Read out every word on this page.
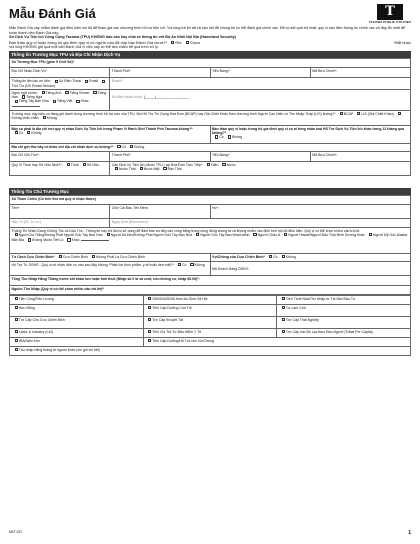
Mẫu Đánh Giá	T
TACOMA PUBLIC UTILITIES
Mẫu Đánh Giá này nhằm đánh giá điều kiện hội đủ để tham gia các chương trình hỗ trợ tiện ích. Vui lòng trả lời tất cả câu hỏi để chúng tôi có thể đánh giá chính xác. Để có kết quả tốt nhất, quý vị cần điền thông tin chính xác và đầy đủ nhất để hoàn thành bản Đánh Giá này.
Sở Dịch Vụ Tiện Ích Công Cộng Tacoma (TPU) KHÔNG bảo cáo hay chia sẻ thông tin với Bộ An Ninh Nội Địa (Homeland Security)
Bạn thân quý vị hoặc trong hộ gia đình quý vị có người nào đã nộp bản Đánh Giá chưa?* Rồi Chưa	*Bắt buộc
Vui lòng KHÔNG gửi quá một bản Đánh Giá vì việc này có thể làm chậm trễ quá trình xử lý.
Thông tin Trương Mục TPU và Địa Chỉ Nhận Dịch Vụ
Số Trương Mục TPU (gồm 9 Chữ Số)*			
Địa Chỉ Nhận Dịch Vụ*	Thành Phố*:	Tiểu Bang*:	Mã Bưu Chính*:
Thông tin liên lạc ưu tiên: Số Điện Thoại Email Thư Tín (US Postal Service)	Email*:		
Ngôn ngữ chính: Tiếng Anh Tiếng Khmer Tiếng Hàn Tiếng Nga
Tiếng Tây Ban Nha Tiếng Việt Khác	Số điện thoại chính: (_____)_________________		
Trường mục này hiện có đang ghi danh trong chương trình hỗ trợ nào của TPU, Bồi Hỗ Trợ Tín Dụng Hóa Đơn (BCAP) hay Giá Chiết Khấu theo chương trình Người Cao Niên có Thu Nhập Thấp (LIS) không?* BCAP LIS (Giá Chiết Khấu) Không chắc chắn Không			
Đây có phải là địa chỉ nơi quý vị nhận Dịch Vụ Tiện Ích trong Phạm Vi Ranh Giới Thành Phố Tacoma không?*
Có Không		Bản thân quý vị hoặc trong hộ gia đình quý vị có ai từng nhận loại Hỗ Trợ Dịch Vụ Tiện Ích khác trong 12 tháng qua không?*
Có Không	
Địa chỉ gửi thư này có khác với địa chỉ nhận dịch vụ không?* Có Không			
Địa Chỉ Gửi Thư*:	Thành Phố*:	Tiểu Bang*:	Mã Bưu Chính*:
Quý Vị Thuê hay Sở Hữu Nhà?*: Thuê Sở Hữu	Các Dịch Vụ Tiện Ích (được TPU ) áp Hóa Đơn Trực Tiếp*: Điện Nước
Nước Thải Nước Mặt Rác Thải		
Thông Tin Chủ Trương Mục
Số Tham Chiếu (Có trên thư mà quý vị nhận được)		
Tên*:	Chữ Cái Đầu Tên Đệm:	Họ*:
Hậu Tố (Sr, Jr, v.v.):	Ngày Sinh (tt/nn/nnnn)*:	
Thông Tin Nhận Dạng Chủng Tộc và Dân Tộc - Thông tin này chỉ được sử dụng để đảm bảo sự tiếp cận công bằng trong cộng đồng chúng ta và không nhằm xác định tính hội đủ điều kiện. Quý vị có thể chọn nhiều câu trả lời.
Người Da Trắng/Không Phải Người Gốc Tây Ban Nha Người Da Đen/Không Phải Người Gốc Tây Ban Nha Người Gốc Tây Ban Nha/Latinh Người Châu Á Người Hawaii/Người Đảo Thái Bình Dương Khác Người Mỹ Gốc Alaska Bản Địa Không Muốn Tiết Lộ Khác		
Tư Cách Cựu Chiến Binh* Cựu Chiến Binh Không Phải Là Cựu Chiến Binh		Vợ/Chồng của Cựu Chiến Binh* Có Không
Hộ Trợ Từ DSHS - Quý vị có nhận dịch vụ nào sau đây không: Phiếu lợi thực phẩm, y tế hoặc tiền mặt?* Có Không		Mã Khách Hàng DSHS:
Tổng Thu Nhập Hằng Tháng trước khi khấu lưu hoặc tính thuế (Nhập số 0 là và cent, nếu không có, nhập $0.00)*:		
Nguồn Thu Nhập (Quý vị có thể chọn nhiều câu trả lời)*		
Tiền Công/Tiền Lương	SSI/SSA/SSDI theo An Sinh Xã Hội	Tiền Thuê Nhà/Thu Nhập từ Tài Sản Đầu Tư
Hưu Bổng	Tiền Cấp Dưỡng Con Trẻ	Tự Làm Chủ
Trợ Cấp Cho Cựu Chiến Binh	Trợ Cấp Khuyết Tật	Trợ Cấp Thất Nghiệp
Labor & Industry (L&I)	Tiền Chi Trả Từ Bảo Hiểm Y Tế	Trợ Cấp cho Bộ Lạc theo Đầu Người (Tribal Per Capita)
IRA/Niên Kim	Tiền Cấp Dưỡng/Hỗ Trợ cho Vợ/Chồng	
Thu nhập hằng tháng từ nguồn khác (xin ghi chi tiết)		
MKT-023	1
